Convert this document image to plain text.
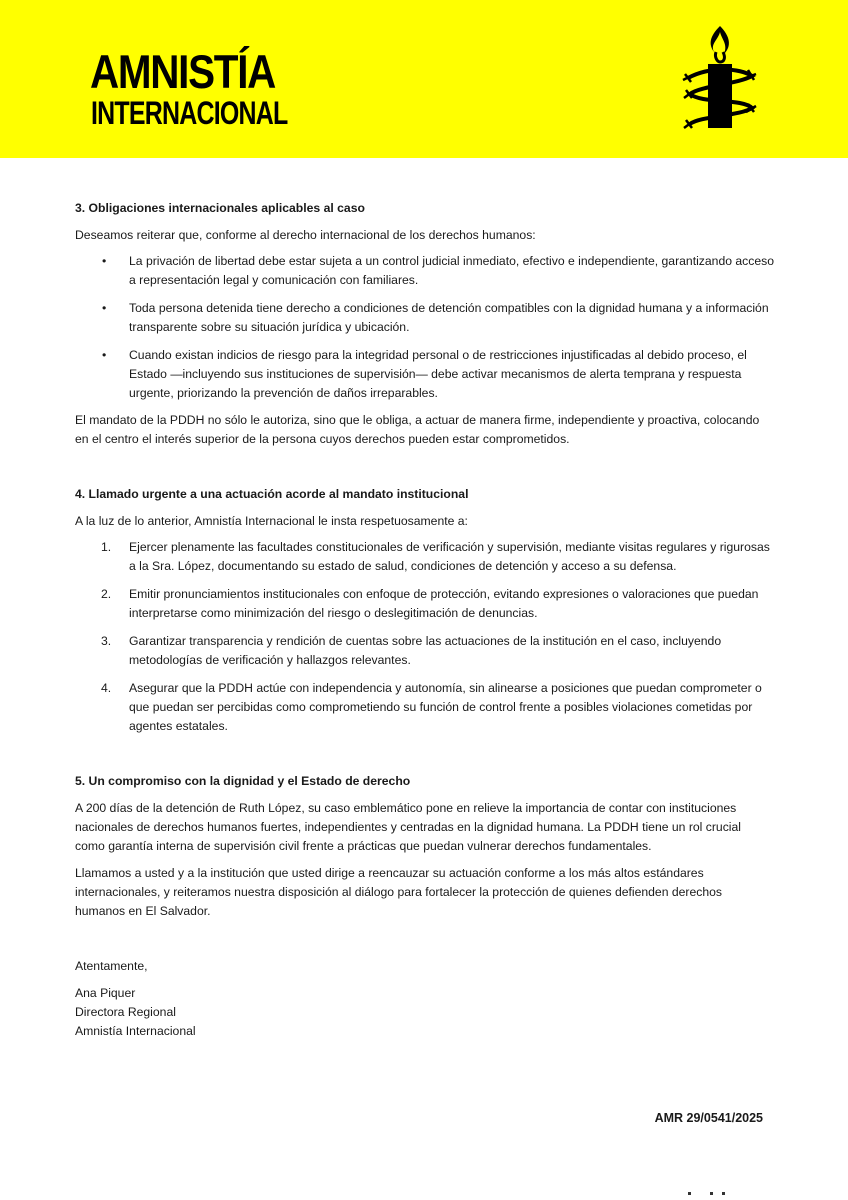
AMNISTÍA
INTERNACIONAL

3. Obligaciones internacionales aplicables al caso

Deseamos reiterar que, conforme al derecho internacional de los derechos humanos:

• La privación de libertad debe estar sujeta a un control judicial inmediato, efectivo e independiente, garantizando acceso a representación legal y comunicación con familiares.
• Toda persona detenida tiene derecho a condiciones de detención compatibles con la dignidad humana y a información transparente sobre su situación jurídica y ubicación.
• Cuando existan indicios de riesgo para la integridad personal o de restricciones injustificadas al debido proceso, el Estado —incluyendo sus instituciones de supervisión— debe activar mecanismos de alerta temprana y respuesta urgente, priorizando la prevención de daños irreparables.

El mandato de la PDDH no sólo le autoriza, sino que le obliga, a actuar de manera firme, independiente y proactiva, colocando en el centro el interés superior de la persona cuyos derechos pueden estar comprometidos.

4. Llamado urgente a una actuación acorde al mandato institucional

A la luz de lo anterior, Amnistía Internacional le insta respetuosamente a:

1. Ejercer plenamente las facultades constitucionales de verificación y supervisión, mediante visitas regulares y rigurosas a la Sra. López, documentando su estado de salud, condiciones de detención y acceso a su defensa.
2. Emitir pronunciamientos institucionales con enfoque de protección, evitando expresiones o valoraciones que puedan interpretarse como minimización del riesgo o deslegitimación de denuncias.
3. Garantizar transparencia y rendición de cuentas sobre las actuaciones de la institución en el caso, incluyendo metodologías de verificación y hallazgos relevantes.
4. Asegurar que la PDDH actúe con independencia y autonomía, sin alinearse a posiciones que puedan comprometer o que puedan ser percibidas como comprometiendo su función de control frente a posibles violaciones cometidas por agentes estatales.

5. Un compromiso con la dignidad y el Estado de derecho

A 200 días de la detención de Ruth López, su caso emblemático pone en relieve la importancia de contar con instituciones
nacionales de derechos humanos fuertes, independientes y centradas en la dignidad humana. La PDDH tiene un rol crucial
como garantía interna de supervisión civil frente a prácticas que puedan vulnerar derechos fundamentales.

Llamamos a usted y a la institución que usted dirige a reencauzar su actuación conforme a los más altos estándares internacionales, y reiteramos nuestra disposición al diálogo para fortalecer la protección de quienes defienden derechos humanos en El Salvador.

Atentamente,

Ana Piquer
Directora Regional
Amnistía Internacional
AMR 29/0541/2025
